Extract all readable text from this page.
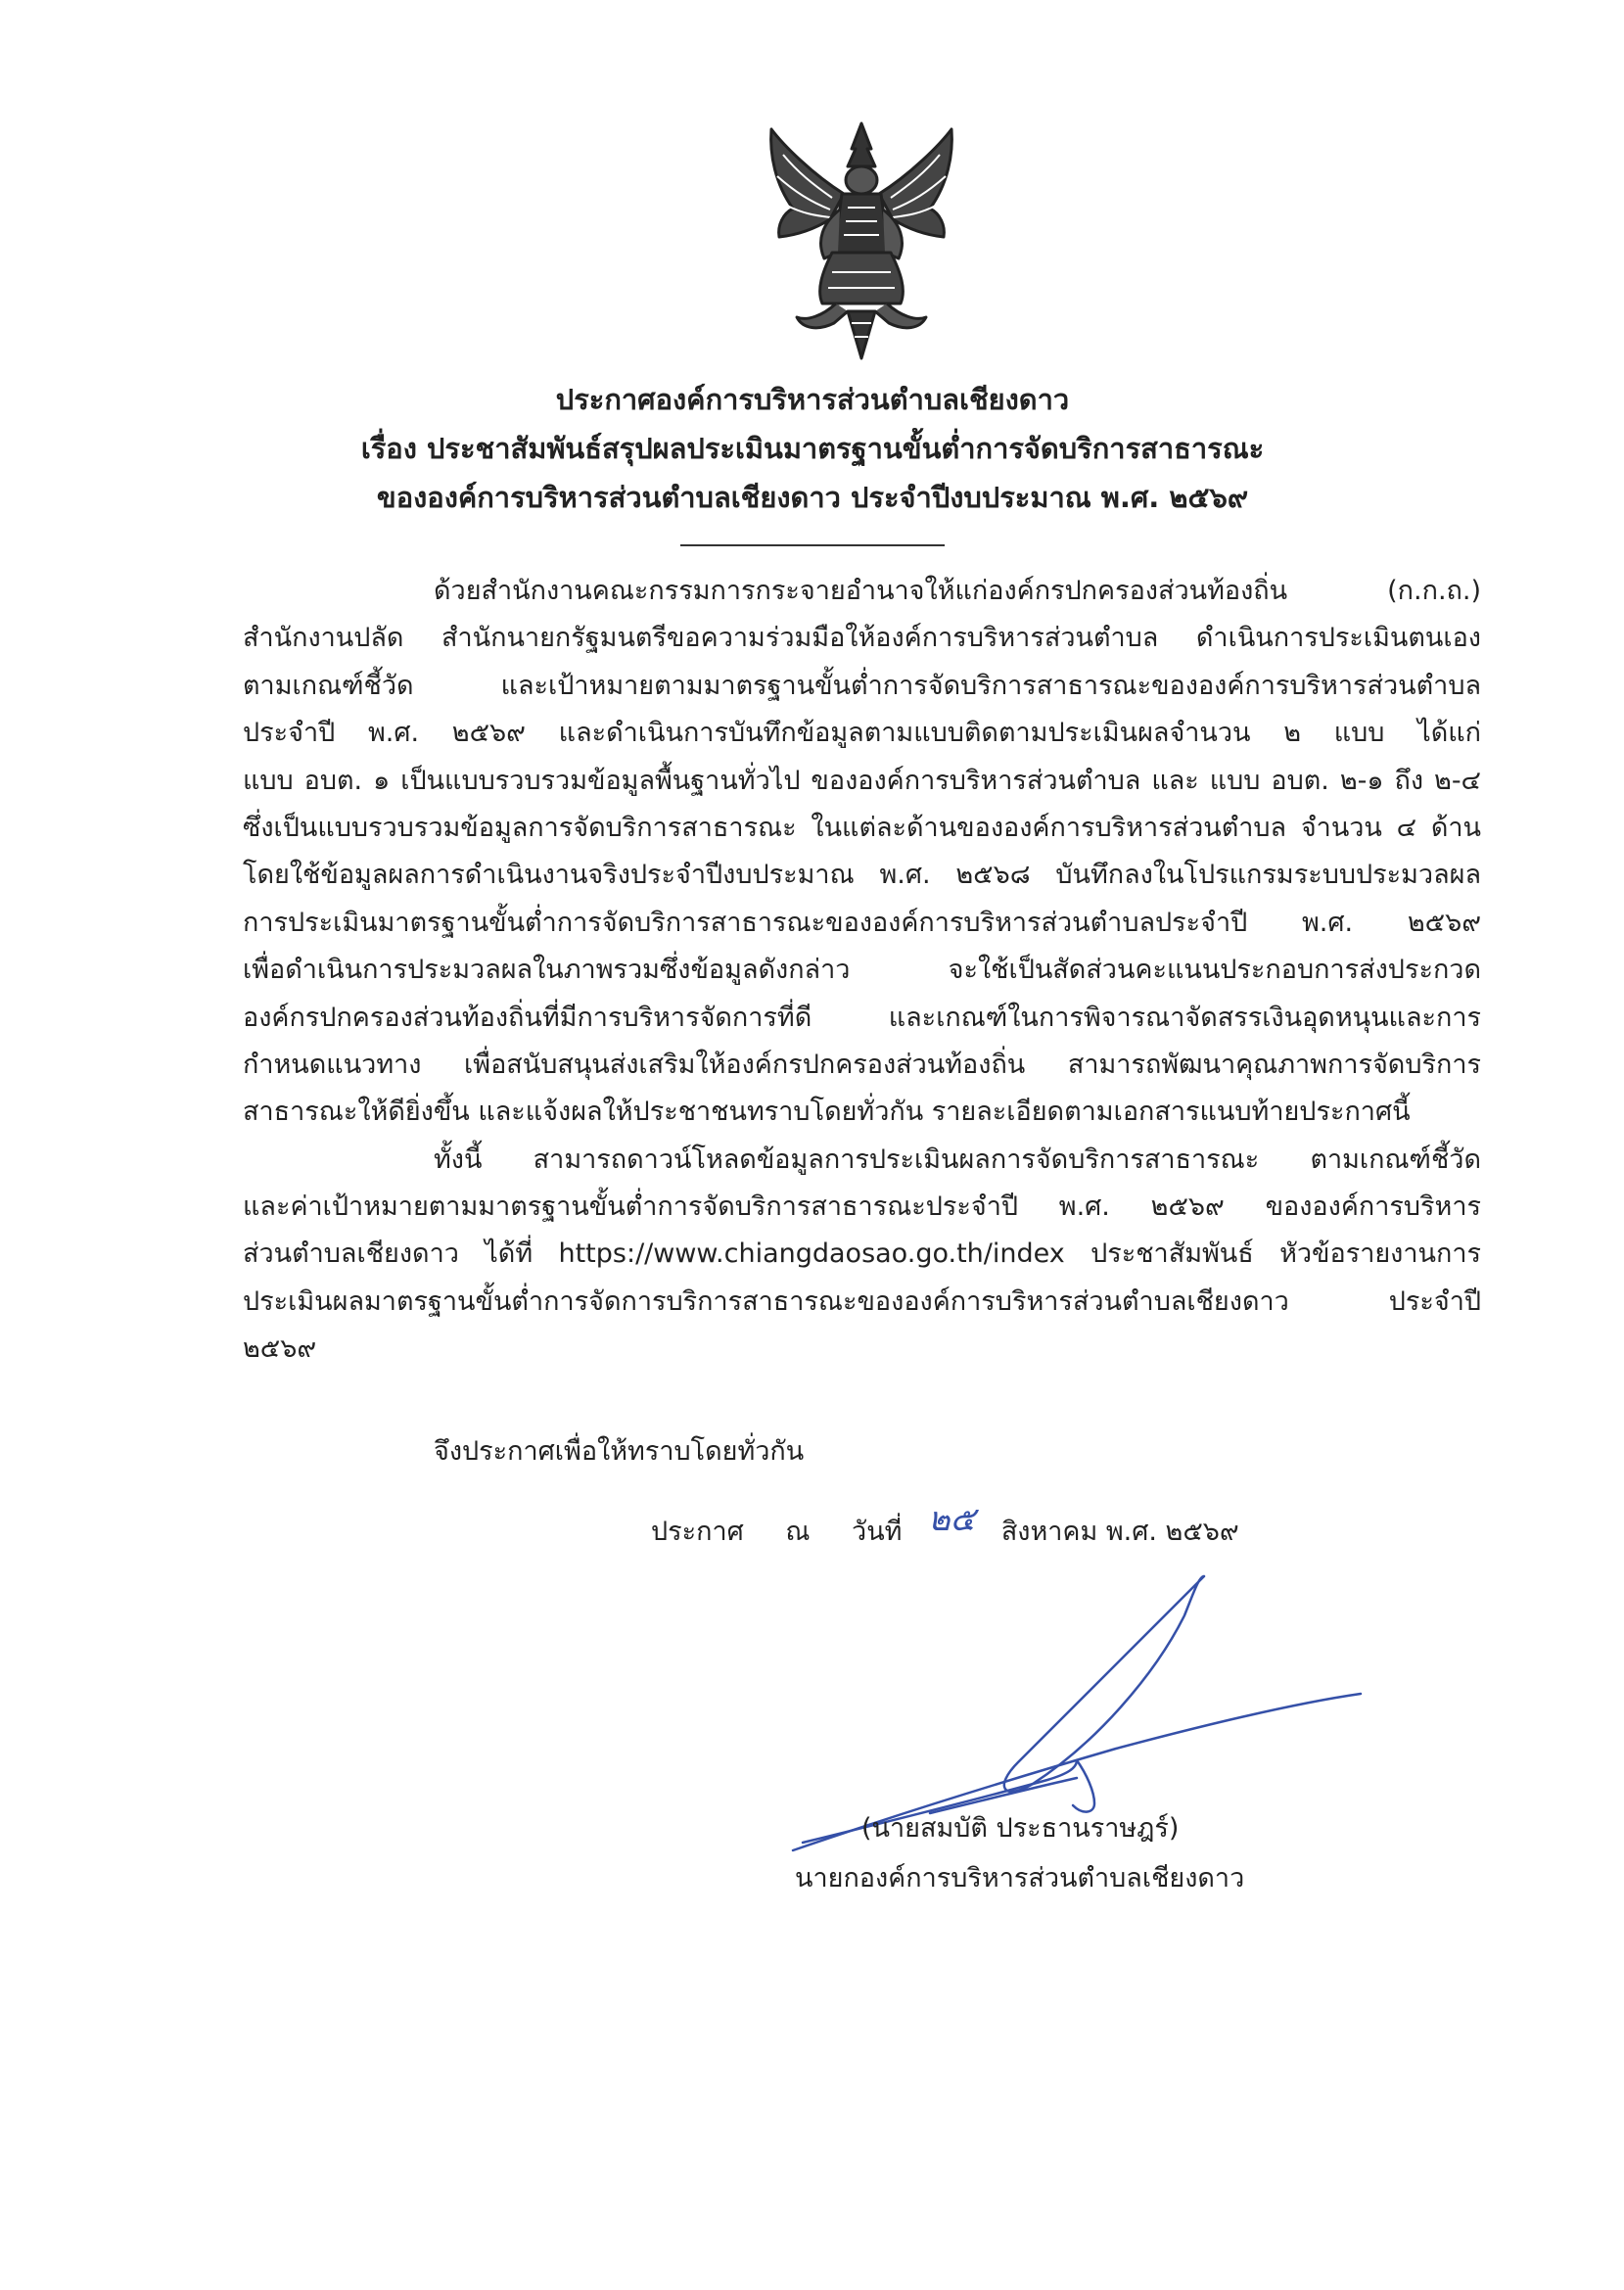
ประกาศองค์การบริหารส่วนตำบลเชียงดาว
เรื่อง ประชาสัมพันธ์สรุปผลประเมินมาตรฐานขั้นต่ำการจัดบริการสาธารณะ
ขององค์การบริหารส่วนตำบลเชียงดาว ประจำปีงบประมาณ พ.ศ. ๒๕๖๙
ด้วยสำนักงานคณะกรรมการกระจายอำนาจให้แก่องค์กรปกครองส่วนท้องถิ่น (ก.ก.ถ.)
สำนักงานปลัด สำนักนายกรัฐมนตรีขอความร่วมมือให้องค์การบริหารส่วนตำบล ดำเนินการประเมินตนเอง
ตามเกณฑ์ชี้วัด และเป้าหมายตามมาตรฐานขั้นต่ำการจัดบริการสาธารณะขององค์การบริหารส่วนตำบล
ประจำปี พ.ศ. ๒๕๖๙ และดำเนินการบันทึกข้อมูลตามแบบติดตามประเมินผลจำนวน ๒ แบบ ได้แก่
แบบ อบต. ๑ เป็นแบบรวบรวมข้อมูลพื้นฐานทั่วไป ขององค์การบริหารส่วนตำบล และ แบบ อบต. ๒-๑ ถึง ๒-๔
ซึ่งเป็นแบบรวบรวมข้อมูลการจัดบริการสาธารณะ ในแต่ละด้านขององค์การบริหารส่วนตำบล จำนวน ๔ ด้าน
โดยใช้ข้อมูลผลการดำเนินงานจริงประจำปีงบประมาณ พ.ศ. ๒๕๖๘ บันทึกลงในโปรแกรมระบบประมวลผล
การประเมินมาตรฐานขั้นต่ำการจัดบริการสาธารณะขององค์การบริหารส่วนตำบลประจำปี พ.ศ. ๒๕๖๙
เพื่อดำเนินการประมวลผลในภาพรวมซึ่งข้อมูลดังกล่าว จะใช้เป็นสัดส่วนคะแนนประกอบการส่งประกวด
องค์กรปกครองส่วนท้องถิ่นที่มีการบริหารจัดการที่ดี และเกณฑ์ในการพิจารณาจัดสรรเงินอุดหนุนและการ
กำหนดแนวทาง เพื่อสนับสนุนส่งเสริมให้องค์กรปกครองส่วนท้องถิ่น สามารถพัฒนาคุณภาพการจัดบริการ
สาธารณะให้ดียิ่งขึ้น และแจ้งผลให้ประชาชนทราบโดยทั่วกัน รายละเอียดตามเอกสารแนบท้ายประกาศนี้
ทั้งนี้ สามารถดาวน์โหลดข้อมูลการประเมินผลการจัดบริการสาธารณะ ตามเกณฑ์ชี้วัด
และค่าเป้าหมายตามมาตรฐานขั้นต่ำการจัดบริการสาธารณะประจำปี พ.ศ. ๒๕๖๙ ขององค์การบริหาร
ส่วนตำบลเชียงดาว ได้ที่ https://www.chiangdaosao.go.th/index ประชาสัมพันธ์ หัวข้อรายงานการ
ประเมินผลมาตรฐานขั้นต่ำการจัดการบริการสาธารณะขององค์การบริหารส่วนตำบลเชียงดาว ประจำปี
๒๕๖๙
จึงประกาศเพื่อให้ทราบโดยทั่วกัน
ประกาศ ณ วันที่ ๒๕ สิงหาคม พ.ศ. ๒๕๖๙
(นายสมบัติ ประธานราษฎร์)
นายกองค์การบริหารส่วนตำบลเชียงดาว
